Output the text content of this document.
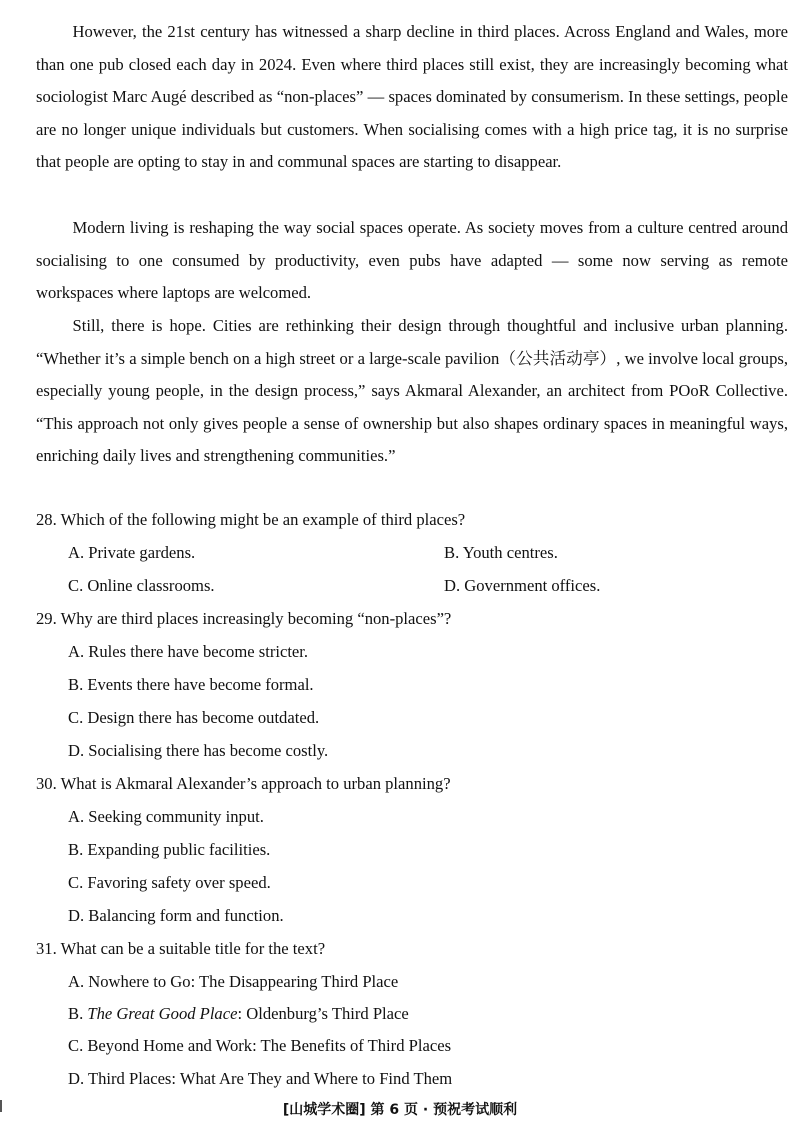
However, the 21st century has witnessed a sharp decline in third places. Across England and Wales, more than one pub closed each day in 2024. Even where third places still exist, they are increasingly becoming what sociologist Marc Augé described as “non-places” — spaces dominated by consumerism. In these settings, people are no longer unique individuals but customers. When socialising comes with a high price tag, it is no surprise that people are opting to stay in and communal spaces are starting to disappear.

Modern living is reshaping the way social spaces operate. As society moves from a culture centred around socialising to one consumed by productivity, even pubs have adapted — some now serving as remote workspaces where laptops are welcomed.

Still, there is hope. Cities are rethinking their design through thoughtful and inclusive urban planning. “Whether it’s a simple bench on a high street or a large-scale pavilion（公共活动亭）, we involve local groups, especially young people, in the design process,” says Akmaral Alexander, an architect from POoR Collective. “This approach not only gives people a sense of ownership but also shapes ordinary spaces in meaningful ways, enriching daily lives and strengthening communities.”

28. Which of the following might be an example of third places?

A. Private gardens.	B. Youth centres.

C. Online classrooms.	D. Government offices.

29. Why are third places increasingly becoming “non-places”?

A. Rules there have become stricter.

B. Events there have become formal.

C. Design there has become outdated.

D. Socialising there has become costly.

30. What is Akmaral Alexander’s approach to urban planning?

A. Seeking community input.

B. Expanding public facilities.

C. Favoring safety over speed.

D. Balancing form and function.

31. What can be a suitable title for the text?

A. Nowhere to Go: The Disappearing Third Place

B. The Great Good Place: Oldenburg’s Third Place

C. Beyond Home and Work: The Benefits of Third Places

D. Third Places: What Are They and Where to Find Them

[山城学术圈] 第 6 页 · 预祝考试顺利
